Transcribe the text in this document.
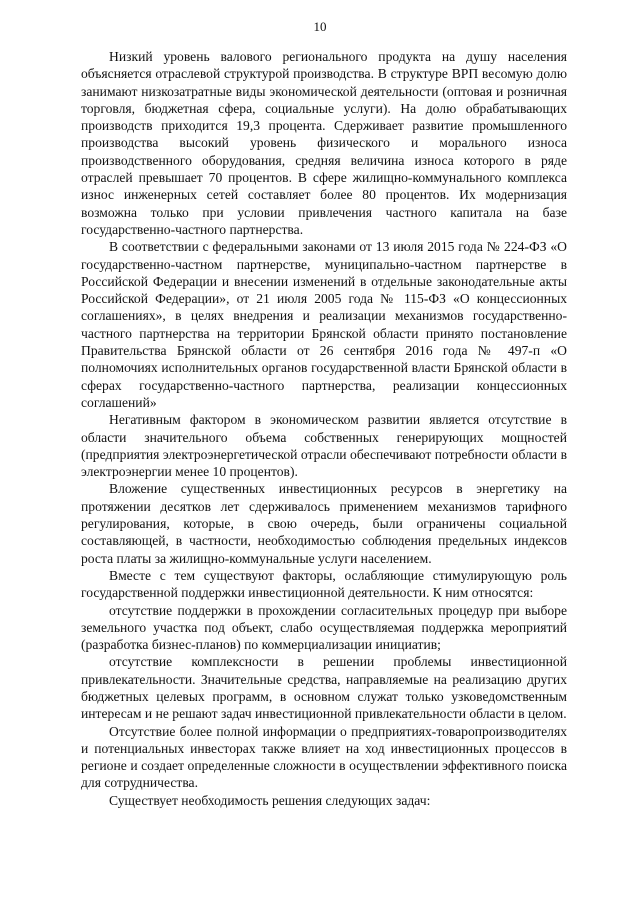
10

Низкий уровень валового регионального продукта на душу населения объясняется отраслевой структурой производства. В структуре ВРП весомую долю занимают низкозатратные виды экономической деятельности (оптовая и розничная торговля, бюджетная сфера, социальные услуги). На долю обрабатывающих производств приходится 19,3 процента. Сдерживает развитие промышленного производства высокий уровень физического и морального износа производственного оборудования, средняя величина износа которого в ряде отраслей превышает 70 процентов. В сфере жилищно-коммунального комплекса износ инженерных сетей составляет более 80 процентов. Их модернизация возможна только при условии привлечения частного капитала на базе государственно-частного партнерства.

В соответствии с федеральными законами от 13 июля 2015 года № 224-ФЗ «О государственно-частном партнерстве, муниципально-частном партнерстве в Российской Федерации и внесении изменений в отдельные законодательные акты Российской Федерации», от 21 июля 2005 года № 115-ФЗ «О концессионных соглашениях», в целях внедрения и реализации механизмов государственно-частного партнерства на территории Брянской области принято постановление Правительства Брянской области от 26 сентября 2016 года № 497-п «О полномочиях исполнительных органов государственной власти Брянской области в сферах государственно-частного партнерства, реализации концессионных соглашений»

Негативным фактором в экономическом развитии является отсутствие в области значительного объема собственных генерирующих мощностей (предприятия электроэнергетической отрасли обеспечивают потребности области в электроэнергии менее 10 процентов).

Вложение существенных инвестиционных ресурсов в энергетику на протяжении десятков лет сдерживалось применением механизмов тарифного регулирования, которые, в свою очередь, были ограничены социальной составляющей, в частности, необходимостью соблюдения предельных индексов роста платы за жилищно-коммунальные услуги населением.

Вместе с тем существуют факторы, ослабляющие стимулирующую роль государственной поддержки инвестиционной деятельности. К ним относятся:

отсутствие поддержки в прохождении согласительных процедур при выборе земельного участка под объект, слабо осуществляемая поддержка мероприятий (разработка бизнес-планов) по коммерциализации инициатив;

отсутствие комплексности в решении проблемы инвестиционной привлекательности. Значительные средства, направляемые на реализацию других бюджетных целевых программ, в основном служат только узковедомственным интересам и не решают задач инвестиционной привлекательности области в целом.

Отсутствие более полной информации о предприятиях-товаропроизводителях и потенциальных инвесторах также влияет на ход инвестиционных процессов в регионе и создает определенные сложности в осуществлении эффективного поиска для сотрудничества.

Существует необходимость решения следующих задач:
